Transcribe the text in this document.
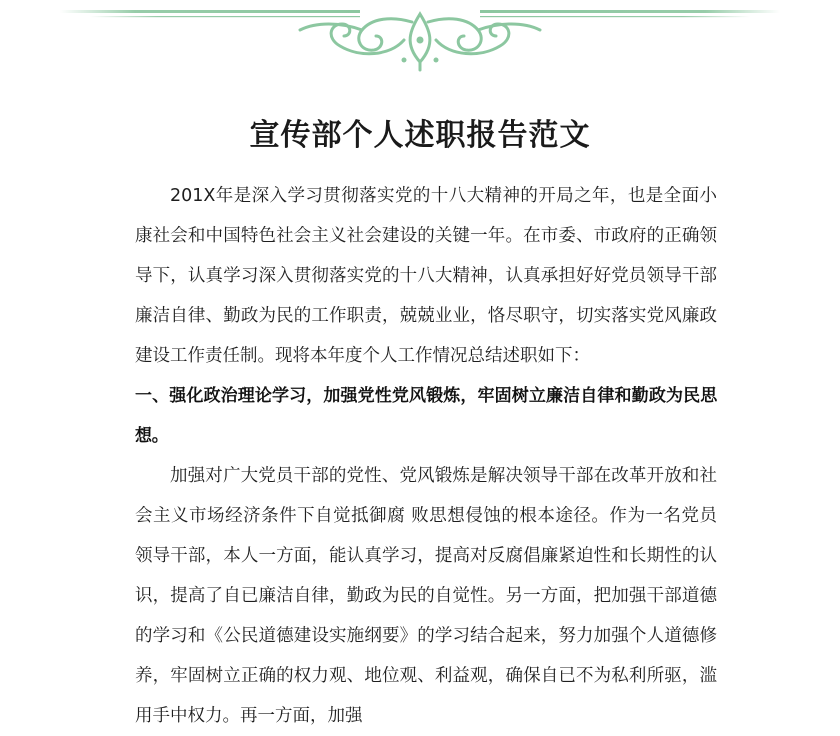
宣传部个人述职报告范文

201X年是深入学习贯彻落实党的十八大精神的开局之年，也是全面小康社会和中国特色社会主义社会建设的关键一年。在市委、市政府的正确领导下，认真学习深入贯彻落实党的十八大精神，认真承担好好党员领导干部廉洁自律、勤政为民的工作职责，兢兢业业，恪尽职守，切实落实党风廉政建设工作责任制。现将本年度个人工作情况总结述职如下：

一、强化政治理论学习，加强党性党风锻炼，牢固树立廉洁自律和勤政为民思想。

加强对广大党员干部的党性、党风锻炼是解决领导干部在改革开放和社会主义市场经济条件下自觉抵御腐 败思想侵蚀的根本途径。作为一名党员领导干部，本人一方面，能认真学习，提高对反腐倡廉紧迫性和长期性的认识，提高了自已廉洁自律，勤政为民的自觉性。另一方面，把加强干部道德的学习和《公民道德建设实施纲要》的学习结合起来，努力加强个人道德修养，牢固树立正确的权力观、地位观、利益观，确保自已不为私利所驱，滥用手中权力。再一方面，加强
